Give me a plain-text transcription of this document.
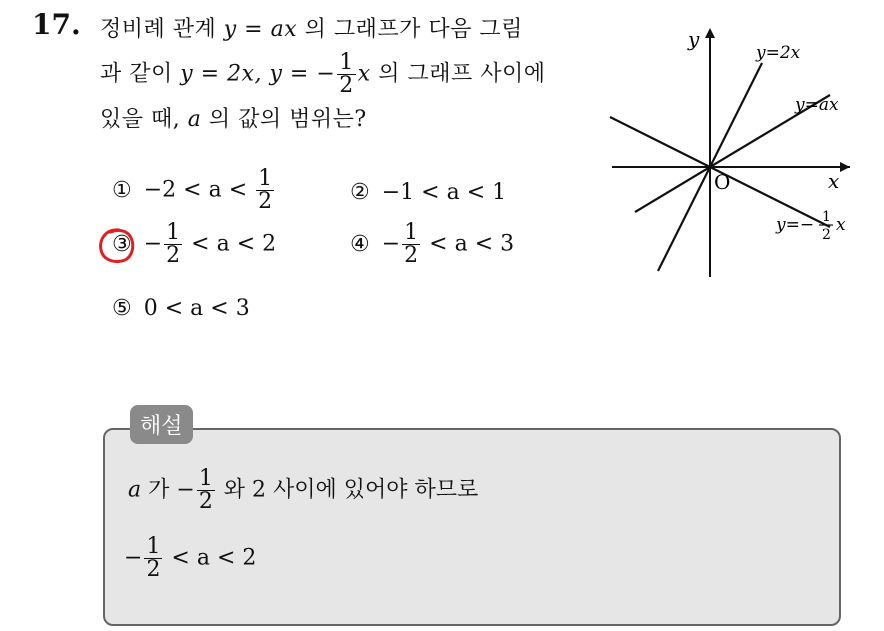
17. 정비례 관계 y = ax 의 그래프가 다음 그림
과 같이 y = 2x, y = − $\frac{1}{2}$ x 의 그래프 사이에
있을 때, a 의 값의 범위는?
① $-2 < a < \frac{1}{2}$	② −1 < a < 1
③ − $\frac{1}{2} < a < 2$	④ − $\frac{1}{2} < a < 3$
⑤ 0 < a < 3
y
x
O
y=2x
y=ax
y=− 1
2 x
해설
a 가 − $\frac{1}{2}$ 와 2 사이에 있어야 하므로
− $\frac{1}{2} < a < 2$
